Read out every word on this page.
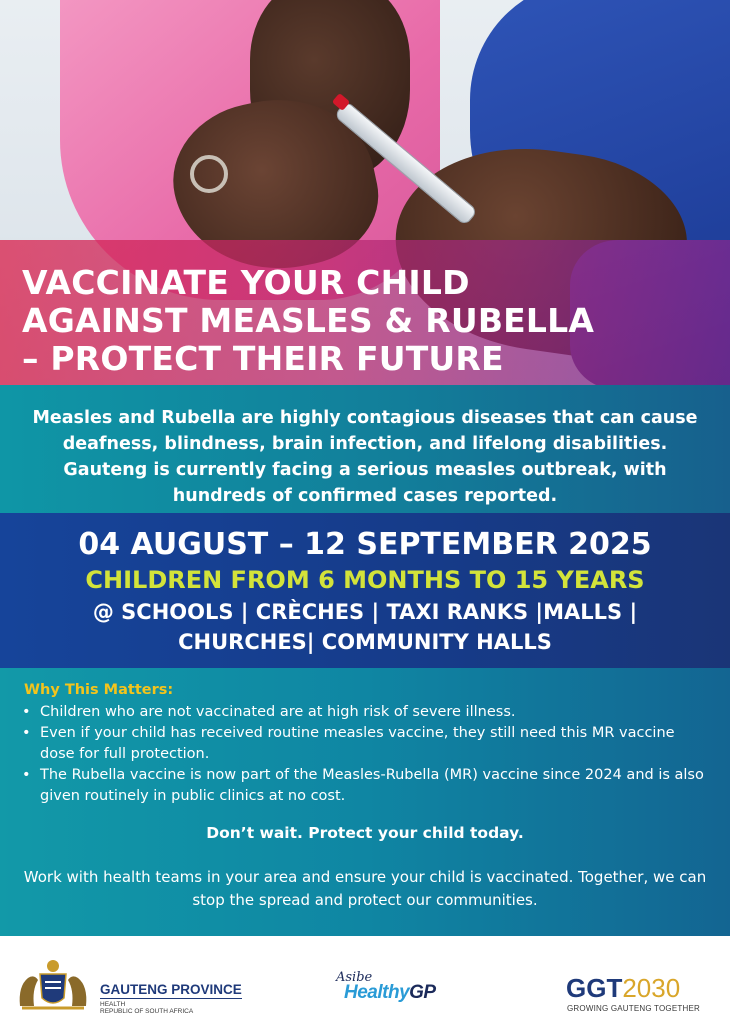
VACCINATE YOUR CHILD
AGAINST MEASLES & RUBELLA
– PROTECT THEIR FUTURE

Measles and Rubella are highly contagious diseases that can cause deafness, blindness, brain infection, and lifelong disabilities. Gauteng is currently facing a serious measles outbreak, with hundreds of confirmed cases reported.

04 AUGUST – 12 SEPTEMBER 2025

CHILDREN FROM 6 MONTHS TO 15 YEARS

@ SCHOOLS | CRÈCHES | TAXI RANKS |MALLS |
CHURCHES| COMMUNITY HALLS

Why This Matters:

• Children who are not vaccinated are at high risk of severe illness.
• Even if your child has received routine measles vaccine, they still need this MR vaccine dose for full protection.
• The Rubella vaccine is now part of the Measles-Rubella (MR) vaccine since 2024 and is also given routinely in public clinics at no cost.

Don’t wait. Protect your child today.

Work with health teams in your area and ensure your child is vaccinated. Together, we can stop the spread and protect our communities.

GAUTENG PROVINCE

HEALTH

REPUBLIC OF SOUTH AFRICA

Asibe

HealthyGP	GGT2030

GROWING GAUTENG TOGETHER
